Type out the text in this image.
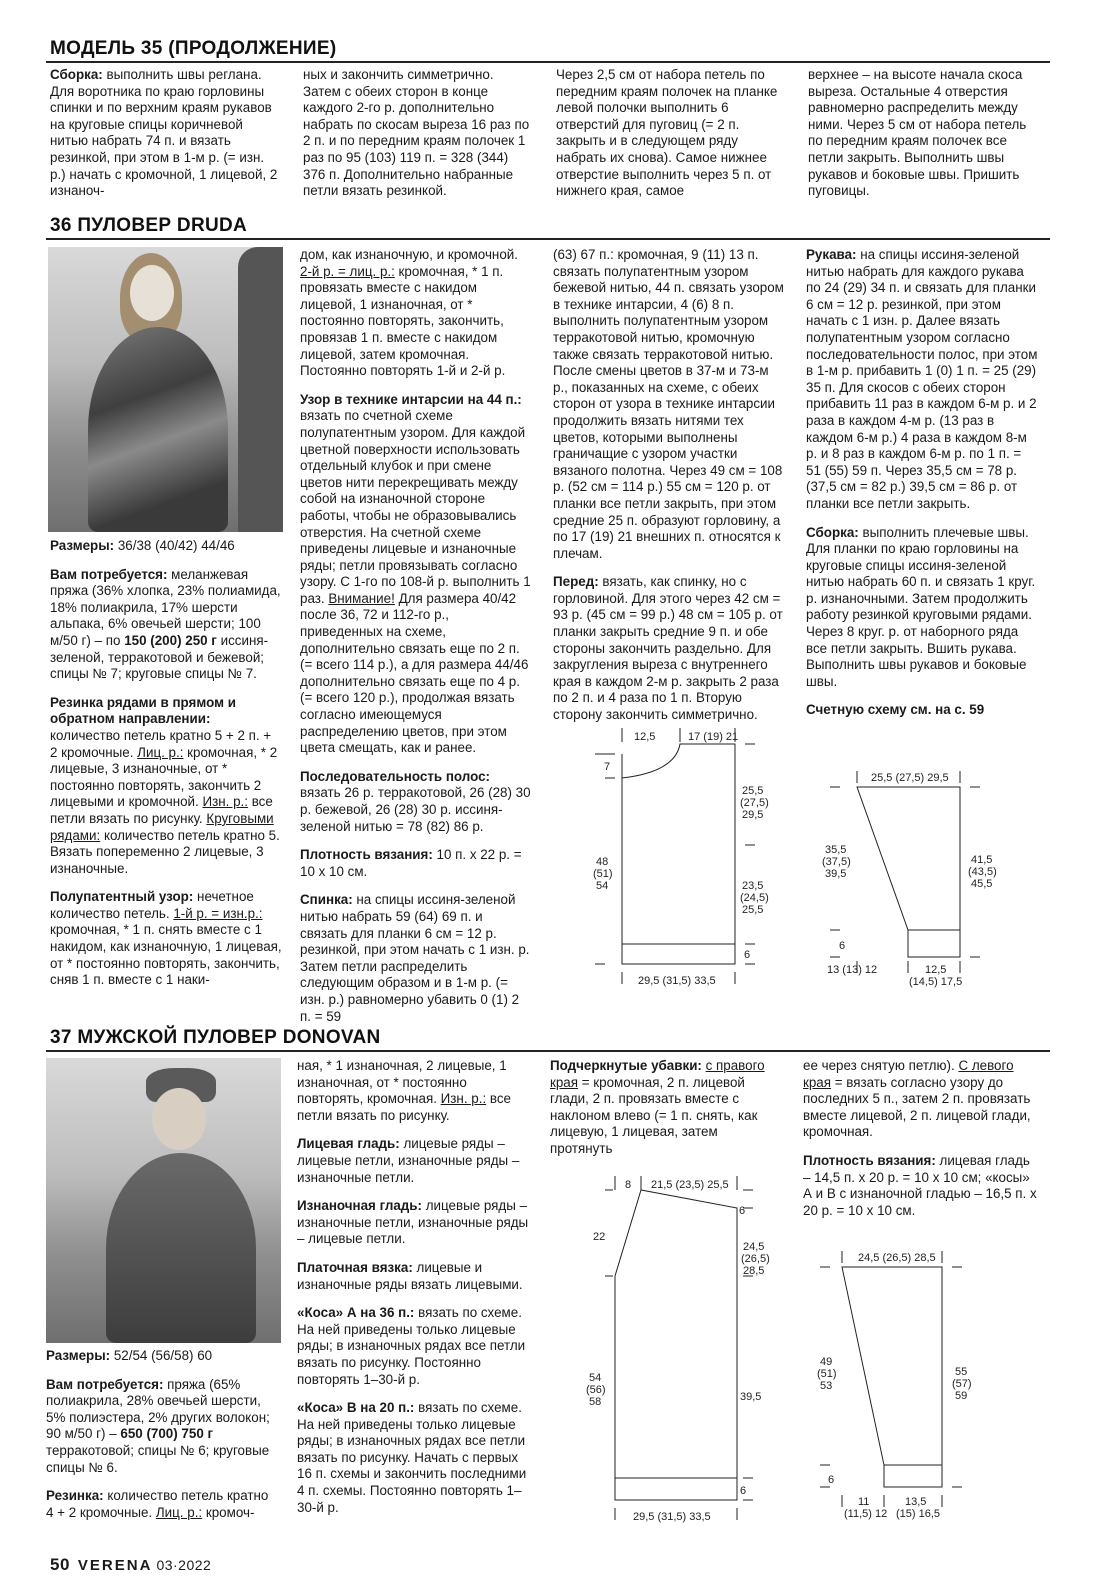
МОДЕЛЬ 35 (ПРОДОЛЖЕНИЕ)
Сборка: выполнить швы реглана. Для воротника по краю горловины спинки и по верхним краям рукавов на круговые спицы коричневой нитью набрать 74 п. и вязать резинкой, при этом в 1-м р. (= изн. р.) начать с кромочной, 1 лицевой, 2 изнаноч-
ных и закончить симметрично. Затем с обеих сторон в конце каждого 2-го р. дополнительно набрать по скосам выреза 16 раз по 2 п. и по передним краям полочек 1 раз по 95 (103) 119 п. = 328 (344) 376 п. Дополнительно набранные петли вязать резинкой.
Через 2,5 см от набора петель по передним краям полочек на планке левой полочки выполнить 6 отверстий для пуговиц (= 2 п. закрыть и в следующем ряду набрать их снова). Самое нижнее отверстие выполнить через 5 п. от нижнего края, самое
верхнее – на высоте начала скоса выреза. Остальные 4 отверстия равномерно распределить между ними. Через 5 см от набора петель по передним краям полочек все петли закрыть. Выполнить швы рукавов и боковые швы. Пришить пуговицы.
36 ПУЛОВЕР DRUDA

Размеры: 36/38 (40/42) 44/46

Вам потребуется: меланжевая пряжа (36% хлопка, 23% полиамида, 18% полиакрила, 17% шерсти альпака, 6% овечьей шерсти; 100 м/50 г) – по 150 (200) 250 г иссиня-зеленой, терракотовой и бежевой; спицы № 7; круговые спицы № 7.

Резинка рядами в прямом и обратном направлении: количество петель кратно 5 + 2 п. + 2 кромочные. Лиц. р.: кромочная, * 2 лицевые, 3 изнаночные, от * постоянно повторять, закончить 2 лицевыми и кромочной. Изн. р.: все петли вязать по рисунку. Круговыми рядами: количество петель кратно 5. Вязать попеременно 2 лицевые, 3 изнаночные.

Полупатентный узор: нечетное количество петель. 1-й р. = изн.р.: кромочная, * 1 п. снять вместе с 1 накидом, как изнаночную, 1 лицевая, от * постоянно повторять, закончить, сняв 1 п. вместе с 1 наки-

дом, как изнаночную, и кромочной. 2-й р. = лиц. р.: кромочная, * 1 п. провязать вместе с накидом лицевой, 1 изнаночная, от * постоянно повторять, закончить, провязав 1 п. вместе с накидом лицевой, затем кромочная. Постоянно повторять 1-й и 2-й р.

Узор в технике интарсии на 44 п.: вязать по счетной схеме полупатентным узором. Для каждой цветной поверхности использовать отдельный клубок и при смене цветов нити перекрещивать между собой на изнаночной стороне работы, чтобы не образовывались отверстия. На счетной схеме приведены лицевые и изнаночные ряды; петли провязывать согласно узору. С 1-го по 108-й р. выполнить 1 раз. Внимание! Для размера 40/42 после 36, 72 и 112-го р., приведенных на схеме, дополнительно связать еще по 2 п. (= всего 114 р.), а для размера 44/46 дополнительно связать еще по 4 р. (= всего 120 р.), продолжая вязать согласно имеющемуся распределению цветов, при этом цвета смещать, как и ранее.

Последовательность полос: вязать 26 р. терракотовой, 26 (28) 30 р. бежевой, 26 (28) 30 р. иссиня-зеленой нитью = 78 (82) 86 р.

Плотность вязания: 10 п. x 22 р. = 10 x 10 см.

Спинка: на спицы иссиня-зеленой нитью набрать 59 (64) 69 п. и связать для планки 6 см = 12 р. резинкой, при этом начать с 1 изн. р. Затем петли распределить следующим образом и в 1-м р. (= изн. р.) равномерно убавить 0 (1) 2 п. = 59

(63) 67 п.: кромочная, 9 (11) 13 п. связать полупатентным узором бежевой нитью, 44 п. связать узором в технике интарсии, 4 (6) 8 п. выполнить полупатентным узором терракотовой нитью, кромочную также связать терракотовой нитью. После смены цветов в 37-м и 73-м р., показанных на схеме, с обеих сторон от узора в технике интарсии продолжить вязать нитями тех цветов, которыми выполнены граничащие с узором участки вязаного полотна. Через 49 см = 108 р. (52 см = 114 р.) 55 см = 120 р. от планки все петли закрыть, при этом средние 25 п. образуют горловину, а по 17 (19) 21 внешних п. относятся к плечам.

Перед: вязать, как спинку, но с горловиной. Для этого через 42 см = 93 р. (45 см = 99 р.) 48 см = 105 р. от планки закрыть средние 9 п. и обе стороны закончить раздельно. Для закругления выреза с внутреннего края в каждом 2-м р. закрыть 2 раза по 2 п. и 4 раза по 1 п. Вторую сторону закончить симметрично.

Рукава: на спицы иссиня-зеленой нитью набрать для каждого рукава по 24 (29) 34 п. и связать для планки 6 см = 12 р. резинкой, при этом начать с 1 изн. р. Далее вязать полупатентным узором согласно последовательности полос, при этом в 1-м р. прибавить 1 (0) 1 п. = 25 (29) 35 п. Для скосов с обеих сторон прибавить 11 раз в каждом 6-м р. и 2 раза в каждом 4-м р. (13 раз в каждом 6-м р.) 4 раза в каждом 8-м р. и 8 раз в каждом 6-м р. по 1 п. = 51 (55) 59 п. Через 35,5 см = 78 р. (37,5 см = 82 р.) 39,5 см = 86 р. от планки все петли закрыть.

Сборка: выполнить плечевые швы. Для планки по краю горловины на круговые спицы иссиня-зеленой нитью набрать 60 п. и связать 1 круг. р. изнаночными. Затем продолжить работу резинкой круговыми рядами. Через 8 круг. р. от наборного ряда все петли закрыть. Вшить рукава. Выполнить швы рукавов и боковые швы.

Счетную схему см. на с. 59

12,5	17 (19) 21
7
25,5
(27,5)
29,5
23,5
(24,5)
25,5
48
(51)
54
6
29,5 (31,5) 33,5
25,5 (27,5) 29,5
35,5
(37,5)
39,5
41,5
(43,5)
45,5
6
13 (13) 12	12,5
(14,5) 17,5
37 МУЖСКОЙ ПУЛОВЕР DONOVAN

Размеры: 52/54 (56/58) 60

Вам потребуется: пряжа (65% полиакрила, 28% овечьей шерсти, 5% полиэстера, 2% других волокон; 90 м/50 г) – 650 (700) 750 г терракотовой; спицы № 6; круговые спицы № 6.

Резинка: количество петель кратно 4 + 2 кромочные. Лиц. р.: кромоч-

ная, * 1 изнаночная, 2 лицевые, 1 изнаночная, от * постоянно повторять, кромочная. Изн. р.: все петли вязать по рисунку.

Лицевая гладь: лицевые ряды – лицевые петли, изнаночные ряды – изнаночные петли.

Изнаночная гладь: лицевые ряды – изнаночные петли, изнаночные ряды – лицевые петли.

Платочная вязка: лицевые и изнаночные ряды вязать лицевыми.

«Коса» А на 36 п.: вязать по схеме. На ней приведены только лицевые ряды; в изнаночных рядах все петли вязать по рисунку. Постоянно повторять 1–30-й р.

«Коса» В на 20 п.: вязать по схеме. На ней приведены только лицевые ряды; в изнаночных рядах все петли вязать по рисунку. Начать с первых 16 п. схемы и закончить последними 4 п. схемы. Постоянно повторять 1–30-й р.

Подчеркнутые убавки: с правого края = кромочная, 2 п. лицевой глади, 2 п. провязать вместе с наклоном влево (= 1 п. снять, как лицевую, 1 лицевая, затем протянуть

ее через снятую петлю). С левого края = вязать согласно узору до последних 5 п., затем 2 п. провязать вместе лицевой, 2 п. лицевой глади, кромочная.

Плотность вязания: лицевая гладь – 14,5 п. x 20 р. = 10 x 10 см; «косы» А и В с изнаночной гладью – 16,5 п. x 20 р. = 10 x 10 см.

8 21,5 (23,5) 25,5
6
22
24,5
(26,5)
28,5
39,5
54
(56)
58
6
29,5 (31,5) 33,5
24,5 (26,5) 28,5
49
(51)
53
55
(57)
59
6
11	13,5
(11,5) 12 (15) 16,5
50 VERENA 03·2022
